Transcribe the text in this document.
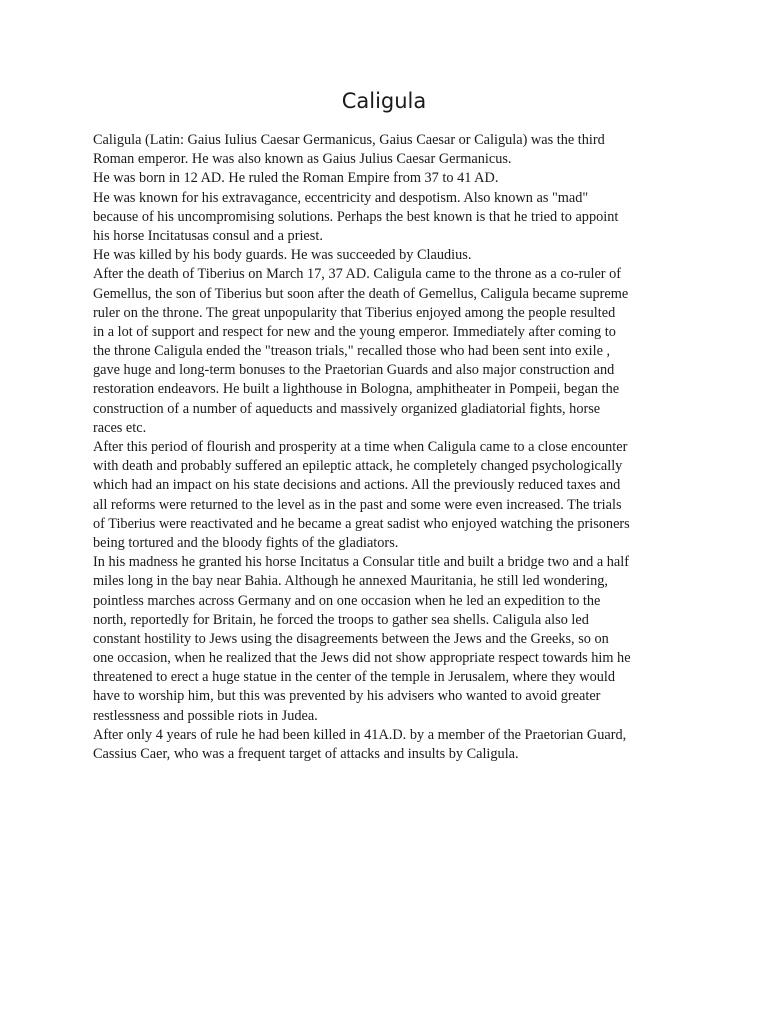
Caligula
Caligula (Latin: Gaius Iulius Caesar Germanicus, Gaius Caesar or Caligula) was the third
Roman emperor. He was also known as Gaius Julius Caesar Germanicus.
He was born in 12 AD. He ruled the Roman Empire from 37 to 41 AD.
He was known for his extravagance, eccentricity and despotism. Also known as "mad"
because of his uncompromising solutions. Perhaps the best known is that he tried to appoint
his horse Incitatusas consul and a priest.
He was killed by his body guards. He was succeeded by Claudius.
After the death of Tiberius on March 17, 37 AD. Caligula came to the throne as a co-ruler of
Gemellus, the son of Tiberius but soon after the death of Gemellus, Caligula became supreme
ruler on the throne. The great unpopularity that Tiberius enjoyed among the people resulted
in a lot of support and respect for new and the young emperor. Immediately after coming to
the throne Caligula ended the "treason trials," recalled those who had been sent into exile ,
gave huge and long-term bonuses to the Praetorian Guards and also major construction and
restoration endeavors. He built a lighthouse in Bologna, amphitheater in Pompeii, began the
construction of a number of aqueducts and massively organized gladiatorial fights, horse
races etc.
After this period of flourish and prosperity at a time when Caligula came to a close encounter
with death and probably suffered an epileptic attack, he completely changed psychologically
which had an impact on his state decisions and actions. All the previously reduced taxes and
all reforms were returned to the level as in the past and some were even increased. The trials
of Tiberius were reactivated and he became a great sadist who enjoyed watching the prisoners
being tortured and the bloody fights of the gladiators.
In his madness he granted his horse Incitatus a Consular title and built a bridge two and a half
miles long in the bay near Bahia. Although he annexed Mauritania, he still led wondering,
pointless marches across Germany and on one occasion when he led an expedition to the
north, reportedly for Britain, he forced the troops to gather sea shells. Caligula also led
constant hostility to Jews using the disagreements between the Jews and the Greeks, so on
one occasion, when he realized that the Jews did not show appropriate respect towards him he
threatened to erect a huge statue in the center of the temple in Jerusalem, where they would
have to worship him, but this was prevented by his advisers who wanted to avoid greater
restlessness and possible riots in Judea.
After only 4 years of rule he had been killed in 41A.D. by a member of the Praetorian Guard,
Cassius Caer, who was a frequent target of attacks and insults by Caligula.
